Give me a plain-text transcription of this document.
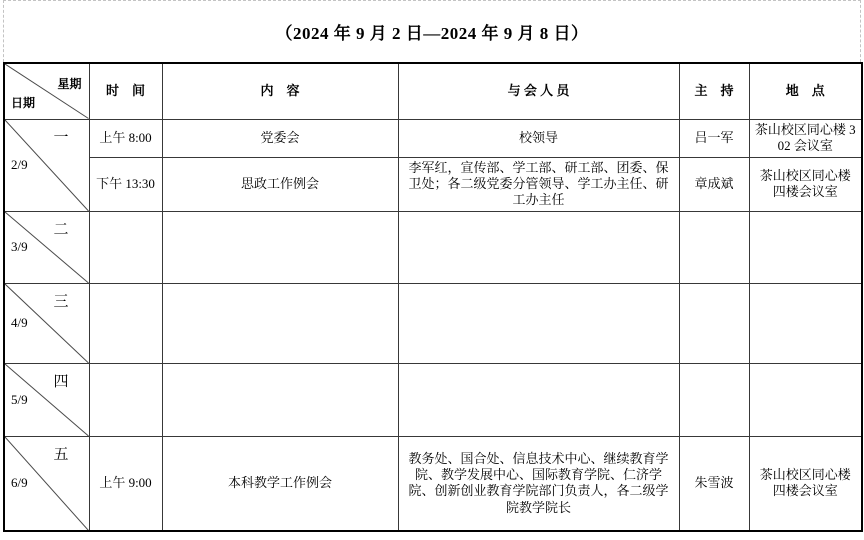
（2024 年 9 月 2 日—2024 年 9 月 8 日）
星期
日期	时　间	内　容	与 会 人 员	主　持	地　点

一
2/9	上午 8:00	党委会	校领导	吕一军	茶山校区同心楼 302 会议室
	下午 13:30	思政工作例会	李军红，宣传部、学工部、研工部、团委、保卫处；各二级党委分管领导、学工办主任、研工办主任	章成斌	茶山校区同心楼四楼会议室

二
3/9					

三
4/9					

四
5/9					

五
6/9	上午 9:00	本科教学工作例会	教务处、国合处、信息技术中心、继续教育学院、教学发展中心、国际教育学院、仁济学院、创新创业教育学院部门负责人，各二级学院教学院长	朱雪波	茶山校区同心楼四楼会议室
